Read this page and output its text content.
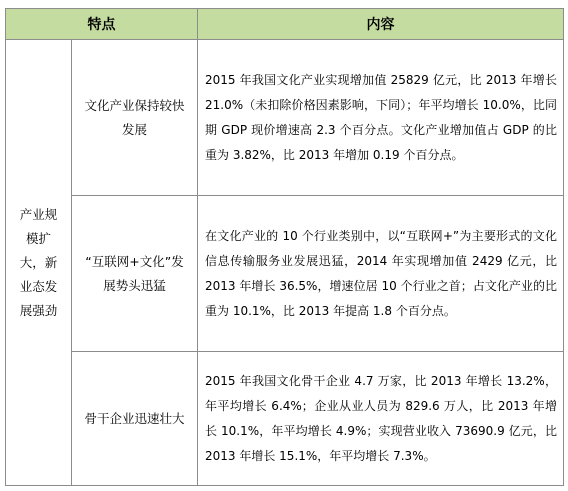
特点		内容
产业规模扩大，新业态发展强劲	文化产业保持较快发展	2015 年我国文化产业实现增加值 25829 亿元，比 2013 年增长 21.0%（未扣除价格因素影响，下同）；年平均增长 10.0%，比同期 GDP 现价增速高 2.3 个百分点。文化产业增加值占 GDP 的比重为 3.82%，比 2013 年增加 0.19 个百分点。
	“互联网+文化”发展势头迅猛	在文化产业的 10 个行业类别中，以“互联网+”为主要形式的文化信息传输服务业发展迅猛，2014 年实现增加值 2429 亿元，比 2013 年增长 36.5%，增速位居 10 个行业之首；占文化产业的比重为 10.1%，比 2013 年提高 1.8 个百分点。
	骨干企业迅速壮大	2015 年我国文化骨干企业 4.7 万家，比 2013 年增长 13.2%，年平均增长 6.4%；企业从业人员为 829.6 万人，比 2013 年增长 10.1%，年平均增长 4.9%；实现营业收入 73690.9 亿元，比 2013 年增长 15.1%，年平均增长 7.3%。
